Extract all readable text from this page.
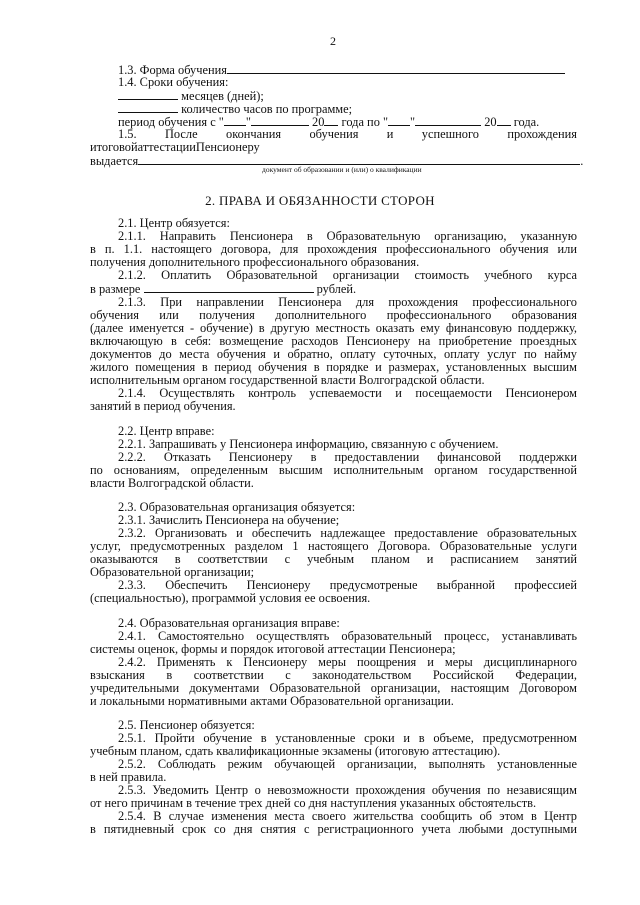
2
1.3. Форма обучения
1.4. Сроки обучения:
месяцев (дней);
количество часов по программе;
период обучения с " "	20 года по " "	20 года.
1.5. После окончания обучения и успешного прохождения
итоговойаттестацииПенсионеру
выдается	.
документ об образовании и (или) о квалификации
2. ПРАВА И ОБЯЗАННОСТИ СТОРОН
2.1. Центр обязуется:
2.1.1. Направить Пенсионера в Образовательную организацию, указанную
в п. 1.1. настоящего договора, для прохождения профессионального обучения или
получения дополнительного профессионального образования.
2.1.2. Оплатить Образовательной организации стоимость учебного курса
2.1.3. При направлении Пенсионера для прохождения профессионального
обучения или получения дополнительного профессионального образования
(далее именуется - обучение) в другую местность оказать ему финансовую поддержку,
включающую в себя: возмещение расходов Пенсионеру на приобретение проездных
документов до места обучения и обратно, оплату суточных, оплату услуг по найму
жилого помещения в период обучения в порядке и размерах, установленных высшим
исполнительным органом государственной власти Волгоградской области.
2.1.4. Осуществлять контроль успеваемости и посещаемости Пенсионером
занятий в период обучения.
2.2. Центр вправе:
2.2.1. Запрашивать у Пенсионера информацию, связанную с обучением.
2.2.2. Отказать Пенсионеру в предоставлении финансовой поддержки
по основаниям, определенным высшим исполнительным органом государственной
власти Волгоградской области.
2.3. Образовательная организация обязуется:
2.3.1. Зачислить Пенсионера на обучение;
2.3.2. Организовать и обеспечить надлежащее предоставление образовательных
услуг, предусмотренных разделом 1 настоящего Договора. Образовательные услуги
оказываются в соответствии с учебным планом и расписанием занятий
Образовательной организации;
2.3.3. Обеспечить Пенсионеру предусмотреные выбранной профессией
(специальностью), программой условия ее освоения.
2.4. Образовательная организация вправе:
2.4.1. Самостоятельно осуществлять образовательный процесс, устанавливать
системы оценок, формы и порядок итоговой аттестации Пенсионера;
2.4.2. Применять к Пенсионеру меры поощрения и меры дисциплинарного
взыскания в соответствии с законодательством Российской Федерации,
учредительными документами Образовательной организации, настоящим Договором
и локальными нормативными актами Образовательной организации.
2.5. Пенсионер обязуется:
2.5.1. Пройти обучение в установленные сроки и в объеме, предусмотренном
учебным планом, сдать квалификационные экзамены (итоговую аттестацию).
2.5.2. Соблюдать режим обучающей организации, выполнять установленные
в ней правила.
2.5.3. Уведомить Центр о невозможности прохождения обучения по независящим
от него причинам в течение трех дней со дня наступления указанных обстоятельств.
2.5.4. В случае изменения места своего жительства сообщить об этом в Центр
в пятидневный срок со дня снятия с регистрационного учета любыми доступными
в размере	рублей.
